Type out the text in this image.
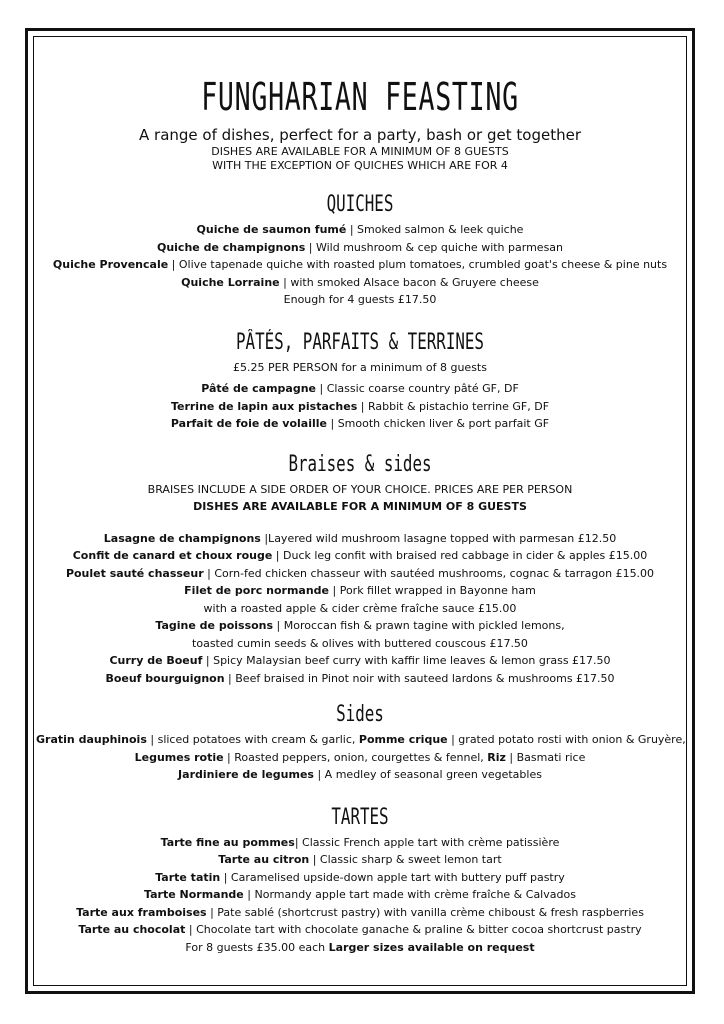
FUNGHARIAN FEASTING
A range of dishes, perfect for a party, bash or get together
DISHES ARE AVAILABLE FOR A MINIMUM OF 8 GUESTS
WITH THE EXCEPTION OF QUICHES WHICH ARE FOR 4
QUICHES
Quiche de saumon fumé | Smoked salmon & leek quiche
Quiche de champignons | Wild mushroom & cep quiche with parmesan
Quiche Provencale | Olive tapenade quiche with roasted plum tomatoes, crumbled goat's cheese & pine nuts
Quiche Lorraine | with smoked Alsace bacon & Gruyere cheese
Enough for 4 guests £17.50
PÂTÉS, PARFAITS & TERRINES
£5.25 PER PERSON for a minimum of 8 guests
Pâté de campagne | Classic coarse country pâté GF, DF
Terrine de lapin aux pistaches | Rabbit & pistachio terrine GF, DF
Parfait de foie de volaille | Smooth chicken liver & port parfait GF
Braises & sides
BRAISES INCLUDE A SIDE ORDER OF YOUR CHOICE. PRICES ARE PER PERSON
DISHES ARE AVAILABLE FOR A MINIMUM OF 8 GUESTS
Lasagne de champignons |Layered wild mushroom lasagne topped with parmesan £12.50
Confit de canard et choux rouge | Duck leg confit with braised red cabbage in cider & apples £15.00
Poulet sauté chasseur | Corn-fed chicken chasseur with sautéed mushrooms, cognac & tarragon £15.00
Filet de porc normande | Pork fillet wrapped in Bayonne ham
with a roasted apple & cider crème fraîche sauce £15.00
Tagine de poissons | Moroccan fish & prawn tagine with pickled lemons,
toasted cumin seeds & olives with buttered couscous £17.50
Curry de Boeuf | Spicy Malaysian beef curry with kaffir lime leaves & lemon grass £17.50
Boeuf bourguignon | Beef braised in Pinot noir with sauteed lardons & mushrooms £17.50
Sides
Gratin dauphinois | sliced potatoes with cream & garlic, Pomme crique | grated potato rosti with onion & Gruyère,
Legumes rotie | Roasted peppers, onion, courgettes & fennel, Riz | Basmati rice
Jardiniere de legumes | A medley of seasonal green vegetables
TARTES
Tarte fine au pommes| Classic French apple tart with crème patissière
Tarte au citron | Classic sharp & sweet lemon tart
Tarte tatin | Caramelised upside-down apple tart with buttery puff pastry
Tarte Normande | Normandy apple tart made with crème fraîche & Calvados
Tarte aux framboises | Pate sablé (shortcrust pastry) with vanilla crème chiboust & fresh raspberries
Tarte au chocolat | Chocolate tart with chocolate ganache & praline & bitter cocoa shortcrust pastry
For 8 guests £35.00 each Larger sizes available on request
